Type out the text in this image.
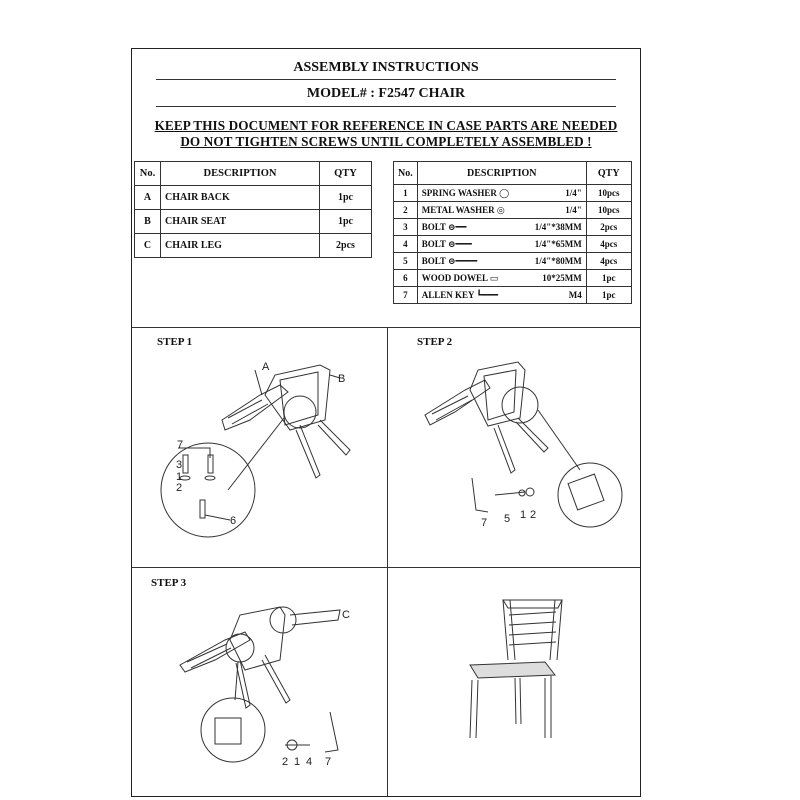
ASSEMBLY INSTRUCTIONS
MODEL# : F2547 CHAIR
KEEP THIS DOCUMENT FOR REFERENCE IN CASE PARTS ARE NEEDED
DO NOT TIGHTEN SCREWS UNTIL COMPLETELY ASSEMBLED !
No.	DESCRIPTION	QTY
A	CHAIR BACK	1pc
B	CHAIR SEAT	1pc
C	CHAIR LEG	2pcs
No.	DESCRIPTION		QTY
1	SPRING WASHER ◯	1/4"	10pcs
2	METAL WASHER ◎	1/4"	10pcs
3	BOLT ⊝━━	1/4"*38MM	2pcs
4	BOLT ⊝━━━	1/4"*65MM	4pcs
5	BOLT ⊝━━━━	1/4"*80MM	4pcs
6	WOOD DOWEL ▭	10*25MM	1pc
7	ALLEN KEY ┗━━━	M4	1pc
STEP 1	STEP 2
STEP 3
A
B
7
3
1
2
6	7 5 1 2
C
2 1 4 7
